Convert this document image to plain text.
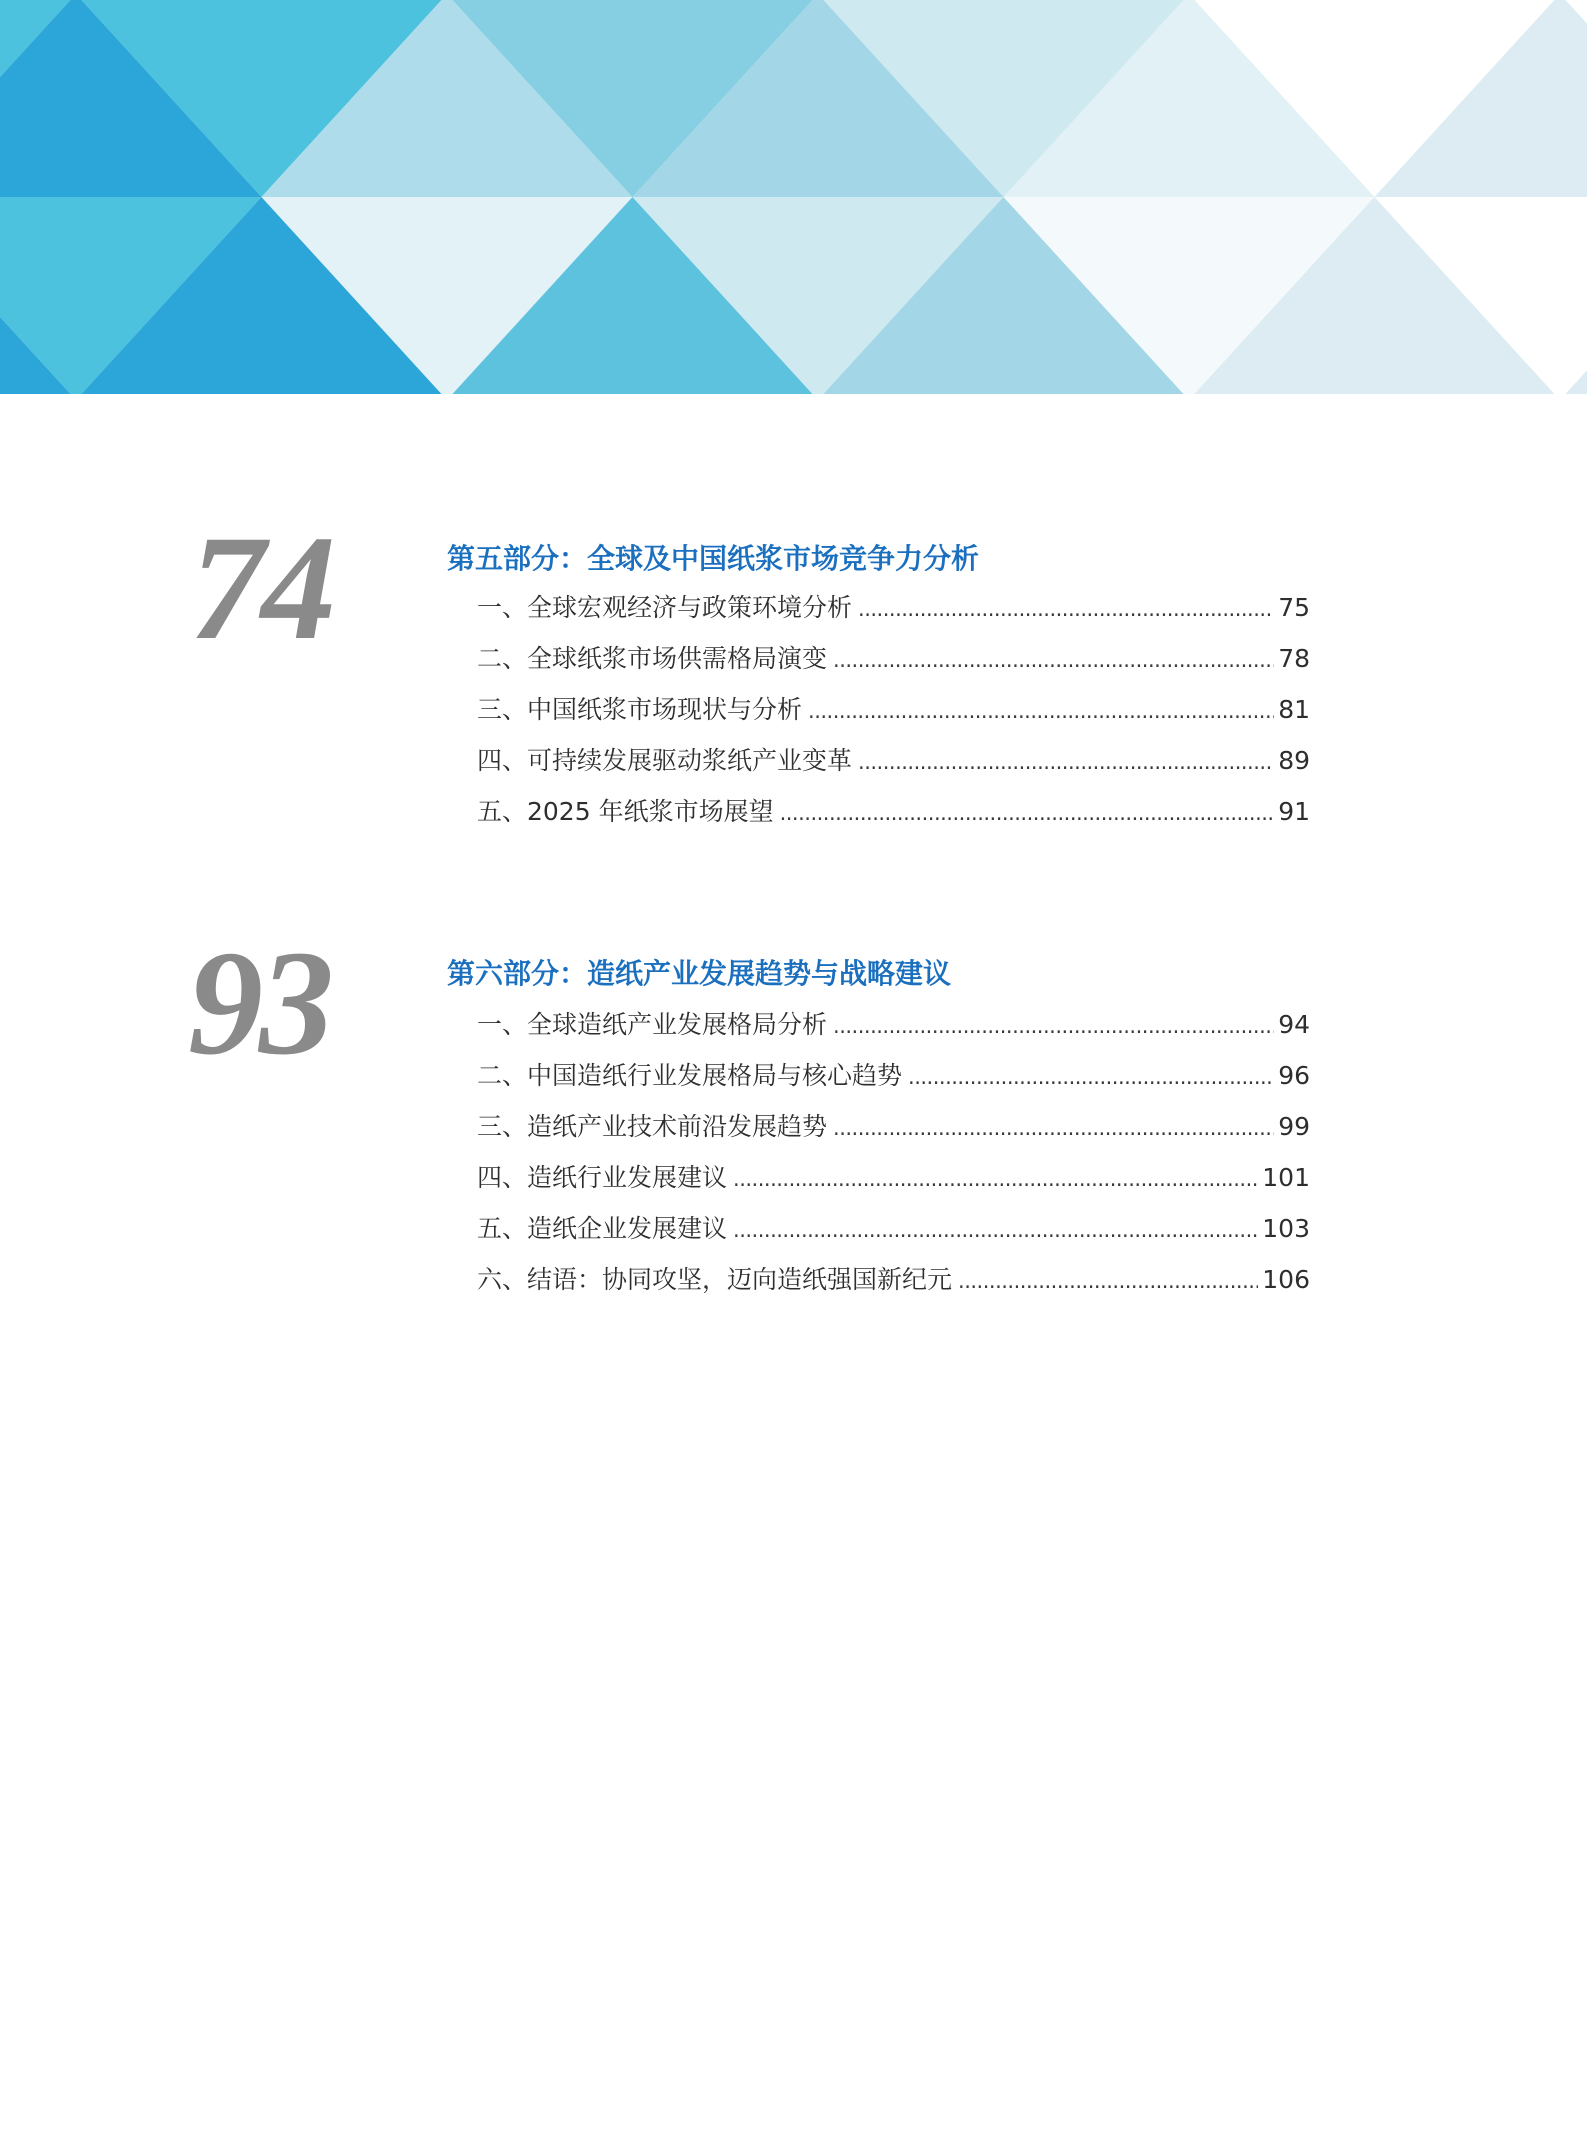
74	第五部分：全球及中国纸浆市场竞争力分析
一、全球宏观经济与政策环境分析 .....	75
二、全球纸浆市场供需格局演变 .....	78
三、中国纸浆市场现状与分析 .....	81
四、可持续发展驱动浆纸产业变革 .....	89
五、2025 年纸浆市场展望 .....	91
93	第六部分：造纸产业发展趋势与战略建议
一、全球造纸产业发展格局分析 .....	94
二、中国造纸行业发展格局与核心趋势 .....	96
三、造纸产业技术前沿发展趋势 .....	99
四、造纸行业发展建议 .....	101
五、造纸企业发展建议 .....	103
六、结语：协同攻坚，迈向造纸强国新纪元 .....	106
